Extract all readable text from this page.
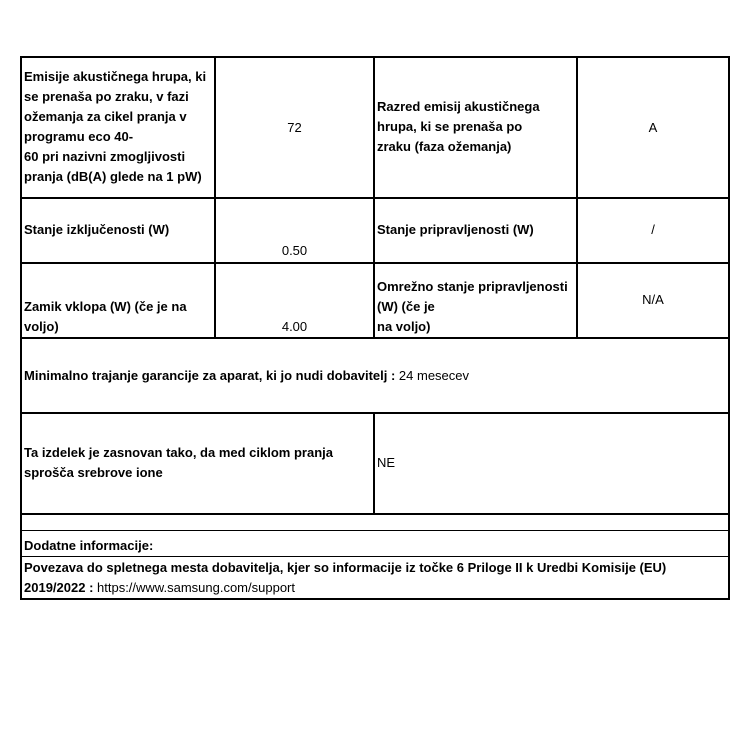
Emisije akustičnega hrupa, ki
se prenaša po zraku, v fazi
ožemanja za cikel pranja v
programu eco 40-
60 pri nazivni zmogljivosti
pranja (dB(A) glede na 1 pW)
72
Razred emisij akustičnega
hrupa, ki se prenaša po
zraku (faza ožemanja)
A
Stanje izključenosti (W)
0.50
Stanje pripravljenosti (W)	/
Zamik vklopa (W) (če je na
voljo)	4.00
Omrežno stanje pripravljenosti
(W) (če je
na voljo)
N/A
Minimalno trajanje garancije za aparat, ki jo nudi dobavitelj : 24 mesecev
Ta izdelek je zasnovan tako, da med ciklom pranja
sprošča srebrove ione
NE
Dodatne informacije:
Povezava do spletnega mesta dobavitelja, kjer so informacije iz točke 6 Priloge II k Uredbi Komisije (EU)
2019/2022 : https://www.samsung.com/support
